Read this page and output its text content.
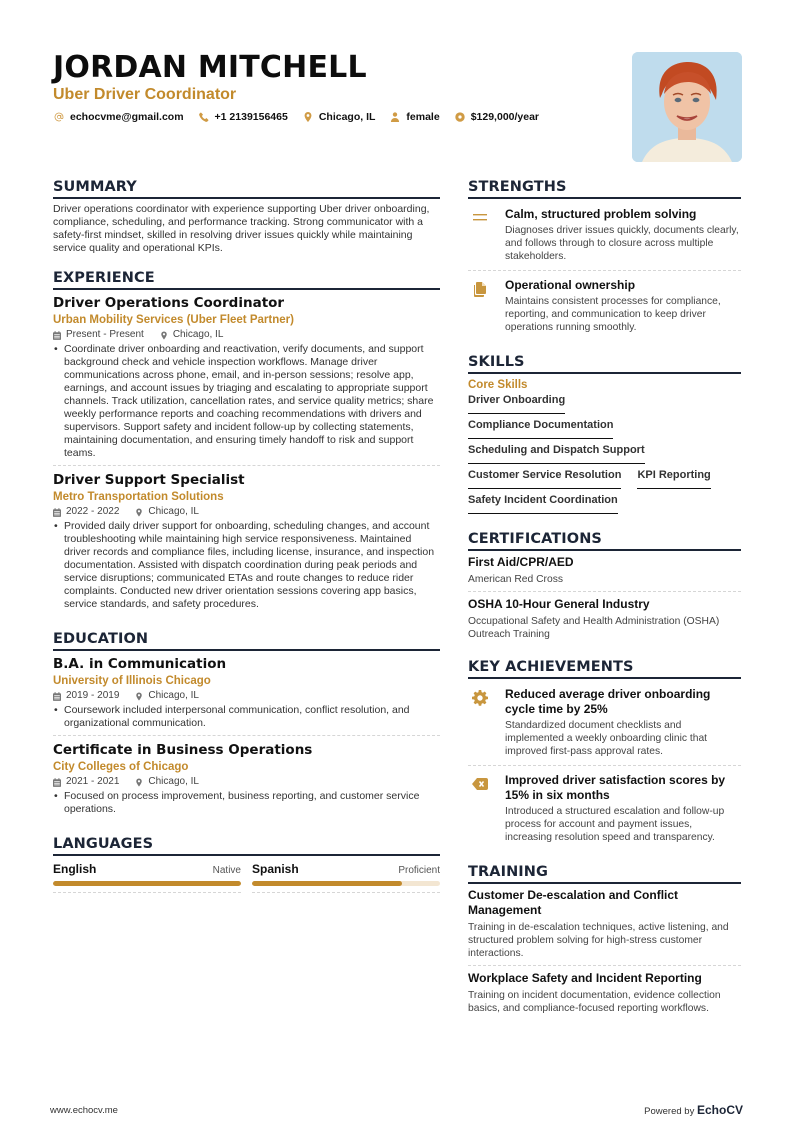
JORDAN MITCHELL
Uber Driver Coordinator
echocvme@gmail.com	+1 2139156465	Chicago, IL	female	$129,000/year
SUMMARY
Driver operations coordinator with experience supporting Uber driver onboarding, compliance, scheduling, and performance tracking. Strong communicator with a safety-first mindset, skilled in resolving driver issues quickly while maintaining service quality and operational KPIs.
EXPERIENCE
Driver Operations Coordinator
Urban Mobility Services (Uber Fleet Partner)
Present - Present	Chicago, IL
• Coordinate driver onboarding and reactivation, verify documents, and support background check and vehicle inspection workflows. Manage driver communications across phone, email, and in-person sessions; resolve app, earnings, and account issues by triaging and escalating to appropriate support channels. Track utilization, cancellation rates, and service quality metrics; share weekly performance reports and coaching recommendations with drivers and supervisors. Support safety and incident follow-up by collecting statements, maintaining documentation, and ensuring timely handoff to risk and support teams.
Driver Support Specialist
Metro Transportation Solutions
2022 - 2022	Chicago, IL
• Provided daily driver support for onboarding, scheduling changes, and account troubleshooting while maintaining high service responsiveness. Maintained driver records and compliance files, including license, insurance, and inspection documentation. Assisted with dispatch coordination during peak periods and service disruptions; communicated ETAs and route changes to reduce rider complaints. Conducted new driver orientation sessions covering app basics, service standards, and safety procedures.
EDUCATION
B.A. in Communication
University of Illinois Chicago
2019 - 2019	Chicago, IL
• Coursework included interpersonal communication, conflict resolution, and organizational communication.
Certificate in Business Operations
City Colleges of Chicago
2021 - 2021	Chicago, IL
• Focused on process improvement, business reporting, and customer service operations.
LANGUAGES
English	Native Spanish	Proficient
STRENGTHS
Calm, structured problem solving
Diagnoses driver issues quickly, documents clearly, and follows through to closure across multiple stakeholders.
Operational ownership
Maintains consistent processes for compliance, reporting, and communication to keep driver operations running smoothly.
SKILLS
Core Skills
Driver Onboarding
Compliance Documentation
Scheduling and Dispatch Support
Customer Service Resolution KPI Reporting
Safety Incident Coordination
CERTIFICATIONS
First Aid/CPR/AED
American Red Cross
OSHA 10-Hour General Industry
Occupational Safety and Health Administration (OSHA) Outreach Training
KEY ACHIEVEMENTS
Reduced average driver onboarding cycle time by 25%
Standardized document checklists and implemented a weekly onboarding clinic that improved first-pass approval rates.
Improved driver satisfaction scores by 15% in six months
Introduced a structured escalation and follow-up process for account and payment issues, increasing resolution speed and transparency.
TRAINING
Customer De-escalation and Conflict Management
Training in de-escalation techniques, active listening, and structured problem solving for high-stress customer interactions.
Workplace Safety and Incident Reporting
Training on incident documentation, evidence collection basics, and compliance-focused reporting workflows.
www.echocv.me	Powered by EchoCV
